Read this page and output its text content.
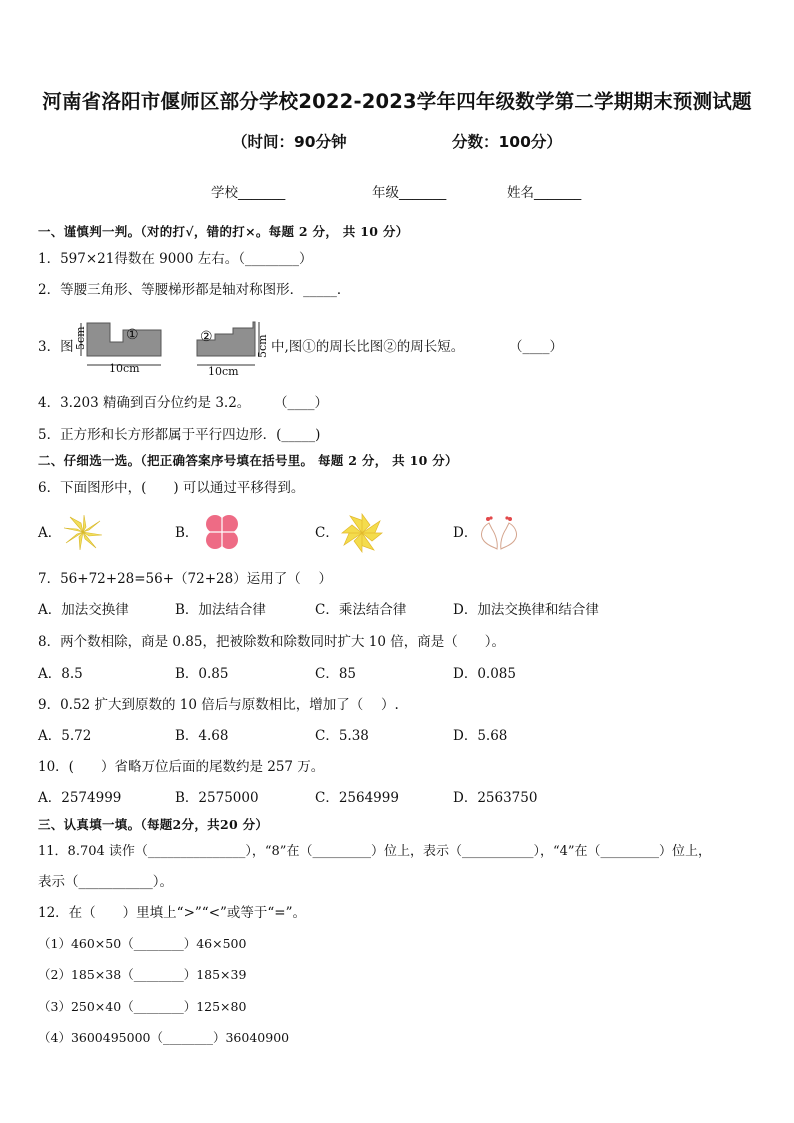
河南省洛阳市偃师区部分学校2022-2023学年四年级数学第二学期期末预测试题
（时间：90分钟	分数：100分）
学校_______	年级_______	姓名_______
一、谨慎判一判。（对的打√，错的打×。每题 2 分， 共 10 分）
1．597×21得数在 9000 左右。（________）
2．等腰三角形、等腰梯形都是轴对称图形．_____．
3．图 5cm	①
10cm
②	5cm
10cm
中,图①的周长比图②的周长短。	（____）
4．3.203 精确到百分位约是 3.2。 （____）
5．正方形和长方形都属于平行四边形．(_____)
二、仔细选一选。（把正确答案序号填在括号里。 每题 2 分， 共 10 分）
6．下面图形中，(　　) 可以通过平移得到。
A．	B．	C．	D．
7．56+72+28=56+（72+28）运用了（　 ）
A．加法交换律	B．加法结合律	C．乘法结合律	D．加法交换律和结合律
8．两个数相除，商是 0.85，把被除数和除数同时扩大 10 倍，商是（　　）。
A．8.5	B．0.85	C．85	D．0.085
9．0.52 扩大到原数的 10 倍后与原数相比，增加了（　 ）.
A．5.72	B．4.68	C．5.38	D．5.68
10．(　　）省略万位后面的尾数约是 257 万。
A．2574999	B．2575000	C．2564999	D．2563750
三、认真填一填。（每题2分，共20 分）
11．8.704 读作（_______________），“8”在（_________）位上，表示（___________），“4”在（_________）位上，
表示（___________）。
12．在（　　）里填上“>”“<”或等于“=”。
（1）460×50（________）46×500
（2）185×38（________）185×39
（3）250×40（________）125×80
（4）3600495000（________）36040900
